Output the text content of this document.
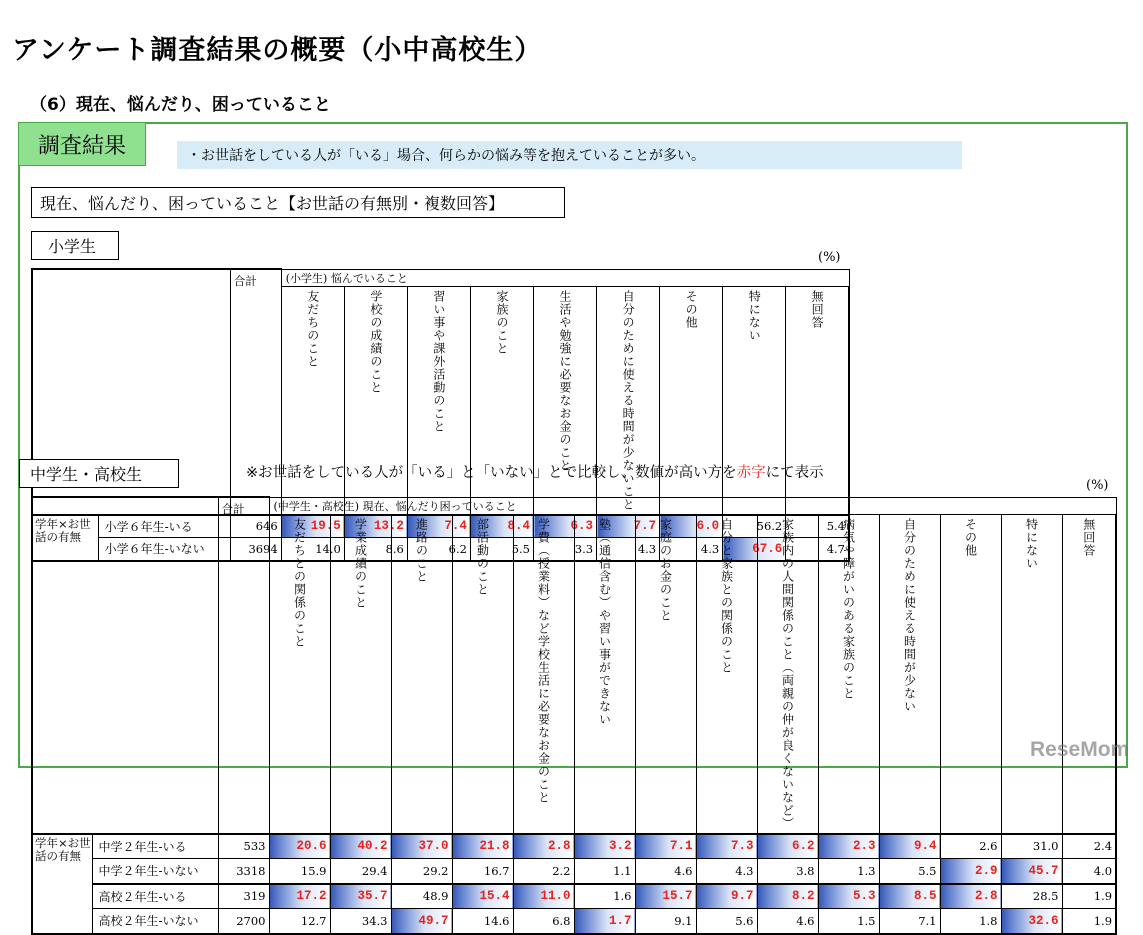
アンケート調査結果の概要（小中高校生）
（6）現在、悩んだり、困っていること
調査結果	・お世話をしている人が「いる」場合、何らかの悩み等を抱えていることが多い。
現在、悩んだり、困っていること【お世話の有無別・複数回答】
小学生
(%)
		合計	(小学生) 悩んでいること								
			友だちのこと	学校の成績のこと	習い事や課外活動のこと	家族のこと	生活や勉強に必要なお金のこと	自分のために使える時間が少ないこと	その他	特にない	無回答
学年×お世話の有無	小学６年生-いる	646	19.5	13.2	7.4	8.4	6.3	7.7	6.0	56.2	5.4
	小学６年生-いない	3694	14.0	8.6	6.2	5.5	3.3	4.3	4.3	67.6	4.7
中学生・高校生	※お世話をしている人が「いる」と「いない」とで比較し、数値が高い方を赤字にて表示
(%)
		合計	(中学生・高校生) 現在、悩んだり困っていること													
			友だちとの関係のこと	学業成績のこと	進路のこと	部活動のこと	学費（授業料）など学校生活に必要なお金のこと	塾（通信含む）や習い事ができない	家庭のお金のこと	自分と家族との関係のこと	家族内の人間関係のこと（両親の仲が良くないなど）	病気や障がいのある家族のこと	自分のために使える時間が少ない	その他	特にない	無回答
学年×お世話の有無	中学２年生-いる	533	20.6	40.2	37.0	21.8	2.8	3.2	7.1	7.3	6.2	2.3	9.4	2.6	31.0	2.4
	中学２年生-いない	3318	15.9	29.4	29.2	16.7	2.2	1.1	4.6	4.3	3.8	1.3	5.5	2.9	45.7	4.0
	高校２年生-いる	319	17.2	35.7	48.9	15.4	11.0	1.6	15.7	9.7	8.2	5.3	8.5	2.8	28.5	1.9
	高校２年生-いない	2700	12.7	34.3	49.7	14.6	6.8	1.7	9.1	5.6	4.6	1.5	7.1	1.8	32.6	1.9
ReseMom
